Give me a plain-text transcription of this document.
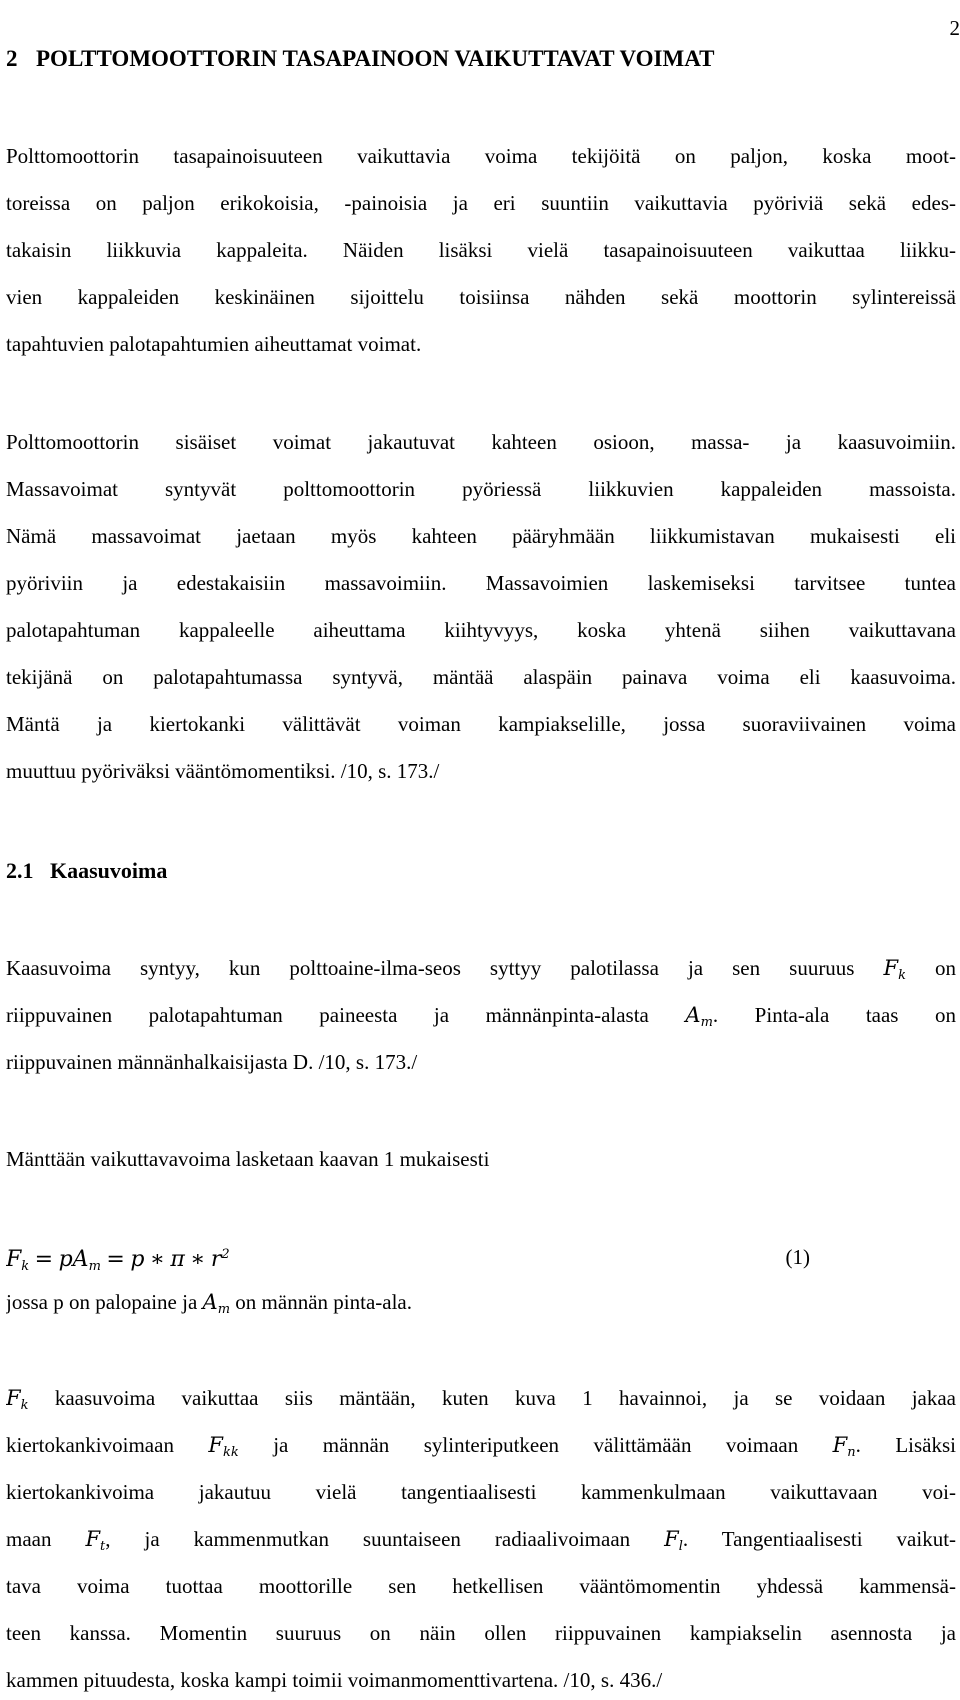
2
2 POLTTOMOOTTORIN TASAPAINOON VAIKUTTAVAT VOIMAT
Polttomoottorin tasapainoisuuteen vaikuttavia voima tekijöitä on paljon, koska moot-
toreissa on paljon erikokoisia, -painoisia ja eri suuntiin vaikuttavia pyöriviä sekä edes-
takaisin liikkuvia kappaleita. Näiden lisäksi vielä tasapainoisuuteen vaikuttaa liikku-
vien kappaleiden keskinäinen sijoittelu toisiinsa nähden sekä moottorin sylintereissä
tapahtuvien palotapahtumien aiheuttamat voimat.
Polttomoottorin sisäiset voimat jakautuvat kahteen osioon, massa- ja kaasuvoimiin.
Massavoimat syntyvät polttomoottorin pyöriessä liikkuvien kappaleiden massoista.
Nämä massavoimat jaetaan myös kahteen pääryhmään liikkumistavan mukaisesti eli
pyöriviin ja edestakaisiin massavoimiin. Massavoimien laskemiseksi tarvitsee tuntea
palotapahtuman kappaleelle aiheuttama kiihtyvyys, koska yhtenä siihen vaikuttavana
tekijänä on palotapahtumassa syntyvä, mäntää alaspäin painava voima eli kaasuvoima.
Mäntä ja kiertokanki välittävät voiman kampiakselille, jossa suoraviivainen voima
muuttuu pyöriväksi vääntömomentiksi. /10, s. 173./
2.1 Kaasuvoima
Kaasuvoima syntyy, kun polttoaine-ilma-seos syttyy palotilassa ja sen suuruus $F_k$ on
riippuvainen palotapahtuman paineesta ja männänpinta-alasta $A_m$. Pinta-ala taas on
riippuvainen männänhalkaisijasta D. /10, s. 173./
Mänttään vaikuttavavoima lasketaan kaavan 1 mukaisesti
$F_k = pA_m = p$ ∗ π ∗ $r^2$	(1)
jossa p on palopaine ja $A_m$ on männän pinta-ala.
$F_k$ kaasuvoima vaikuttaa siis mäntään, kuten kuva 1 havainnoi, ja se voidaan jakaa
kiertokankivoimaan $F_{kk}$ ja männän sylinteriputkeen välittämään voimaan $F_n$. Lisäksi
kiertokankivoima jakautuu vielä tangentiaalisesti kammenkulmaan vaikuttavaan voi-
maan $F_t$, ja kammenmutkan suuntaiseen radiaalivoimaan $F_l$. Tangentiaalisesti vaikut-
tava voima tuottaa moottorille sen hetkellisen vääntömomentin yhdessä kammensä-
teen kanssa. Momentin suuruus on näin ollen riippuvainen kampiakselin asennosta ja
kammen pituudesta, koska kampi toimii voimanmomenttivartena. /10, s. 436./
